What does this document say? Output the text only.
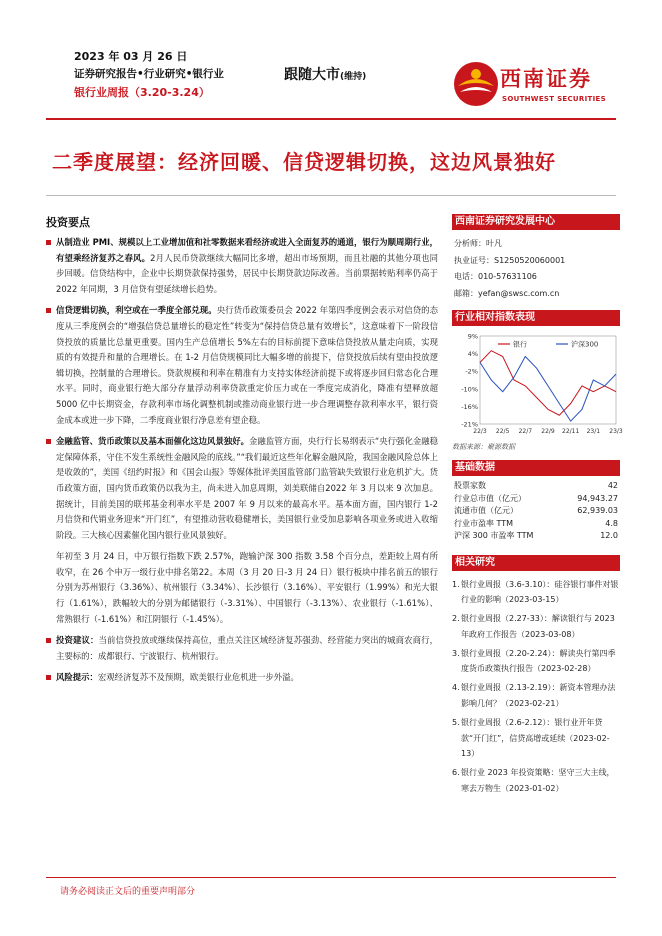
2023 年 03 月 26 日
证券研究报告•行业研究•银行业
银行业周报（3.20-3.24）
跟随大市(维持)	西南证券
SOUTHWEST SECURITIES
二季度展望：经济回暖、信贷逻辑切换，这边风景独好
投资要点
从制造业 PMI、规模以上工业增加值和社零数据来看经济或进入全面复苏的通道，银行为顺周期行业，有望乘经济复苏之春风。2月人民币贷款继续大幅同比多增，超出市场预期，而且社融的其他分项也同步回暖。信贷结构中，企业中长期贷款保持强势，居民中长期贷款边际改善。当前票据转贴利率仍高于2022 年同期，3 月信贷有望延续增长趋势。
信贷逻辑切换，利空或在一季度全部兑现。央行货币政策委员会 2022 年第四季度例会表示对信贷的态度从三季度例会的“增强信贷总量增长的稳定性”转变为“保持信贷总量有效增长”，这意味着下一阶段信贷投放的质量比总量更重要。国内生产总值增长 5%左右的目标前提下意味信贷投放从量走向质，实现质的有效提升和量的合理增长。在 1-2 月信贷规模同比大幅多增的前提下，信贷投放后续有望由投放逻辑切换，控制量的合理增长。贷款规模和利率在精准有力支持实体经济前提下或将逐步回归常态化合理水平。同时，商业银行绝大部分存量浮动利率贷款重定价压力或在一季度完成消化，降准有望释放超5000 亿中长期资金，存款利率市场化调整机制或推动商业银行进一步合理调整存款利率水平，银行资金成本或进一步下降，二季度商业银行净息差有望企稳。
金融监管、货币政策以及基本面催化这边风景独好。金融监管方面，央行行长易纲表示“央行强化金融稳定保障体系，守住不发生系统性金融风险的底线。”“我们最近这些年化解金融风险，我国金融风险总体上是收敛的”，美国《纽约时报》和《国会山报》等媒体批评美国监管部门监管缺失致银行业危机扩大。货币政策方面，国内货币政策仍以我为主，尚未进入加息周期，刘美联储自2022 年 3 月以来 9 次加息。据统计，目前美国的联邦基金利率水平是 2007 年 9 月以来的最高水平。基本面方面，国内银行 1-2 月信贷和代销业务迎来“开门红”，有望推动营收稳健增长，美国银行业受加息影响各项业务或进入收缩阶段。三大核心因素催化国内银行业风景独好。
年初至 3 月 24 日，中万银行指数下跌 2.57%，跑输沪深 300 指数 3.58 个百分点，差距较上周有所收窄，在 26 个申万一级行业中排名第22。本周（3 月 20 日-3 月 24 日）银行板块中排名前五的银行分别为苏州银行（3.36%）、杭州银行（3.34%）、长沙银行（3.16%）、平安银行（1.99%）和光大银行（1.61%），跌幅较大的分别为邮储银行（-3.31%）、中国银行（-3.13%）、农业银行（-1.61%）、常熟银行（-1.61%）和江阴银行（-1.45%）。
投资建议：当前信贷投放或继续保持高位，重点关注区域经济复苏强劲、经营能力突出的城商农商行，主要标的：成都银行、宁波银行、杭州银行。
风险提示：宏观经济复苏不及预期，欧美银行业危机进一步外溢。
西南证券研究发展中心
分析师：叶凡
执业证号：S1250520060001
电话：010-57631106
邮箱：yefan@swsc.com.cn
行业相对指数表现
9%
4%
-2%
-10%
-16%
-21%
22/3 22/5 22/7 22/9 22/11 23/1 23/3
银行	沪深300
数据来源：聚源数据
基础数据
股票家数	42
行业总市值（亿元）	94,943.27
流通市值（亿元）	62,939.03
行业市盈率 TTM	4.8
沪深 300 市盈率 TTM	12.0
相关研究
1. 银行业周报（3.6-3.10）：硅谷银行事件对银行业的影响（2023-03-15）
2. 银行业周报（2.27-33）：解读银行与 2023 年政府工作报告（2023-03-08）
3. 银行业周报（2.20-2.24）：解读央行第四季度货币政策执行报告（2023-02-28）
4. 银行业周报（2.13-2.19）：新资本管理办法影响几何？（2023-02-21）
5. 银行业周报（2.6-2.12）：银行业开年贷款“开门红”，信贷高增或延续（2023-02-13）
6. 银行业 2023 年投资策略：坚守三大主线，寒去万物生（2023-01-02）
请务必阅读正文后的重要声明部分
